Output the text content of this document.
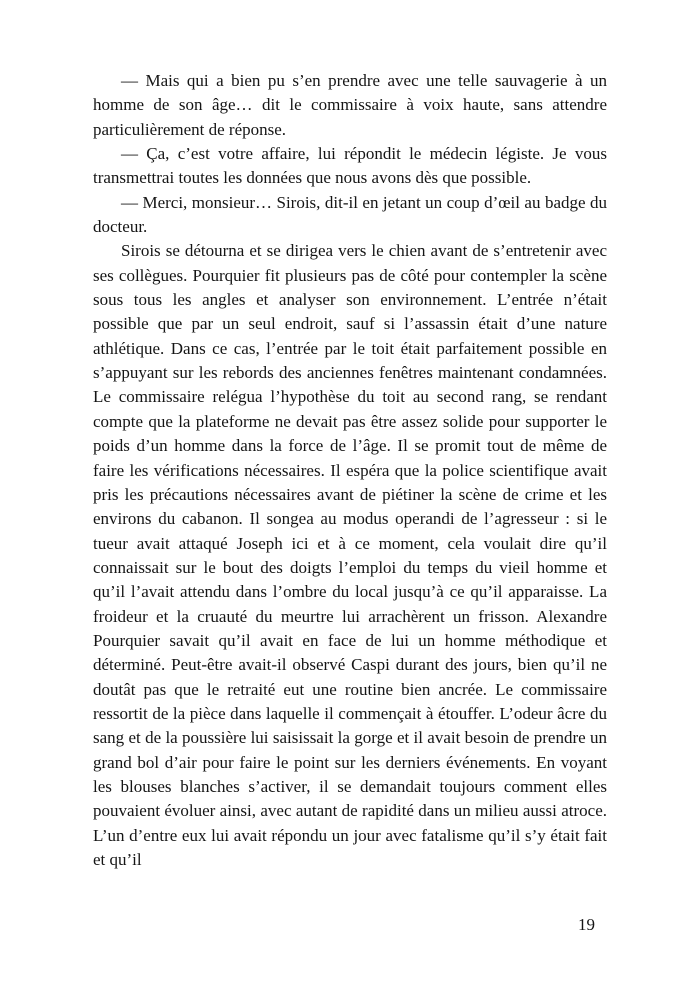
— Mais qui a bien pu s’en prendre avec une telle sauvagerie à un homme de son âge… dit le commissaire à voix haute, sans attendre particulièrement de réponse.

— Ça, c’est votre affaire, lui répondit le médecin légiste. Je vous transmettrai toutes les données que nous avons dès que possible.

— Merci, monsieur… Sirois, dit-il en jetant un coup d’œil au badge du docteur.

Sirois se détourna et se dirigea vers le chien avant de s’entretenir avec ses collègues. Pourquier fit plusieurs pas de côté pour contempler la scène sous tous les angles et analyser son environnement. L’entrée n’était possible que par un seul endroit, sauf si l’assassin était d’une nature athlétique. Dans ce cas, l’entrée par le toit était parfaitement possible en s’appuyant sur les rebords des anciennes fenêtres maintenant condamnées. Le commissaire relégua l’hypothèse du toit au second rang, se rendant compte que la plateforme ne devait pas être assez solide pour supporter le poids d’un homme dans la force de l’âge. Il se promit tout de même de faire les vérifications nécessaires. Il espéra que la police scientifique avait pris les précautions nécessaires avant de piétiner la scène de crime et les environs du cabanon. Il songea au modus operandi de l’agresseur : si le tueur avait attaqué Joseph ici et à ce moment, cela voulait dire qu’il connaissait sur le bout des doigts l’emploi du temps du vieil homme et qu’il l’avait attendu dans l’ombre du local jusqu’à ce qu’il apparaisse. La froideur et la cruauté du meurtre lui arrachèrent un frisson. Alexandre Pourquier savait qu’il avait en face de lui un homme méthodique et déterminé. Peut-être avait-il observé Caspi durant des jours, bien qu’il ne doutât pas que le retraité eut une routine bien ancrée. Le commissaire ressortit de la pièce dans laquelle il commençait à étouffer. L’odeur âcre du sang et de la poussière lui saisissait la gorge et il avait besoin de prendre un grand bol d’air pour faire le point sur les derniers événements. En voyant les blouses blanches s’activer, il se demandait toujours comment elles pouvaient évoluer ainsi, avec autant de rapidité dans un milieu aussi atroce. L’un d’entre eux lui avait répondu un jour avec fatalisme qu’il s’y était fait et qu’il

19
